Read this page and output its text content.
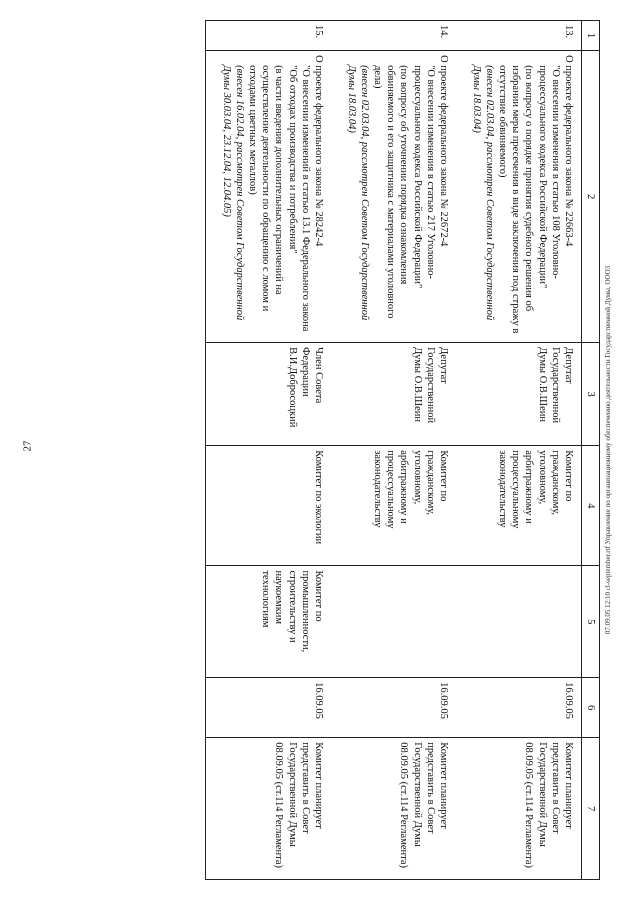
27	07.09.05 12:10 cl-september.rtf Управление по организационному обеспечению деятельности Государственной Думы, ООО3
1	2	3	4	5	6	7
13.	О проекте федерального закона № 22663-4
"О внесении изменения в статью 108 Уголовно-процессуального кодекса Российской Федерации"
(по вопросу о порядке принятия судебного решения об избрании меры пресечения в виде заключения под стражу в отсутствие обвиняемого)
(внесен 02.03.04, рассмотрен Советом Государственной Думы 18.03.04)	Депутат Государственной Думы О.В.Шеин	Комитет по гражданскому, уголовному, арбитражному и процессуальному законодательству		16.09.05	Комитет планирует представить в Совет Государственной Думы 08.09.05 (ст.114 Регламента)
14.	О проекте федерального закона № 22672-4
"О внесении изменения в статью 217 Уголовно-процессуального кодекса Российской Федерации"
(по вопросу об уточнении порядка ознакомления обвиняемого и его защитника с материалами уголовного дела)
(внесен 02.03.04, рассмотрен Советом Государственной Думы 18.03.04)	Депутат Государственной Думы О.В.Шеин	Комитет по гражданскому, уголовному, арбитражному и процессуальному законодательству		16.09.05	Комитет планирует представить в Совет Государственной Думы 08.09.05 (ст.114 Регламента)
15.	О проекте федерального закона № 28242-4
"О внесении изменений в статью 13.1 Федерального закона "Об отходах производства и потребления"
(в части введения дополнительных ограничений на осуществление деятельности по обращению с ломом и отходами цветных металлов)
(внесен 16.02.04, рассмотрен Советом Государственной Думы 30.03.04, 23.12.04, 12.04.05)	Член Совета Федерации В.И.Добросоцкий	Комитет по экологии	Комитет по промышленности, строительству и наукоемким технологиям	16.09.05	Комитет планирует представить в Совет Государственной Думы 08.09.05 (ст.114 Регламента)
